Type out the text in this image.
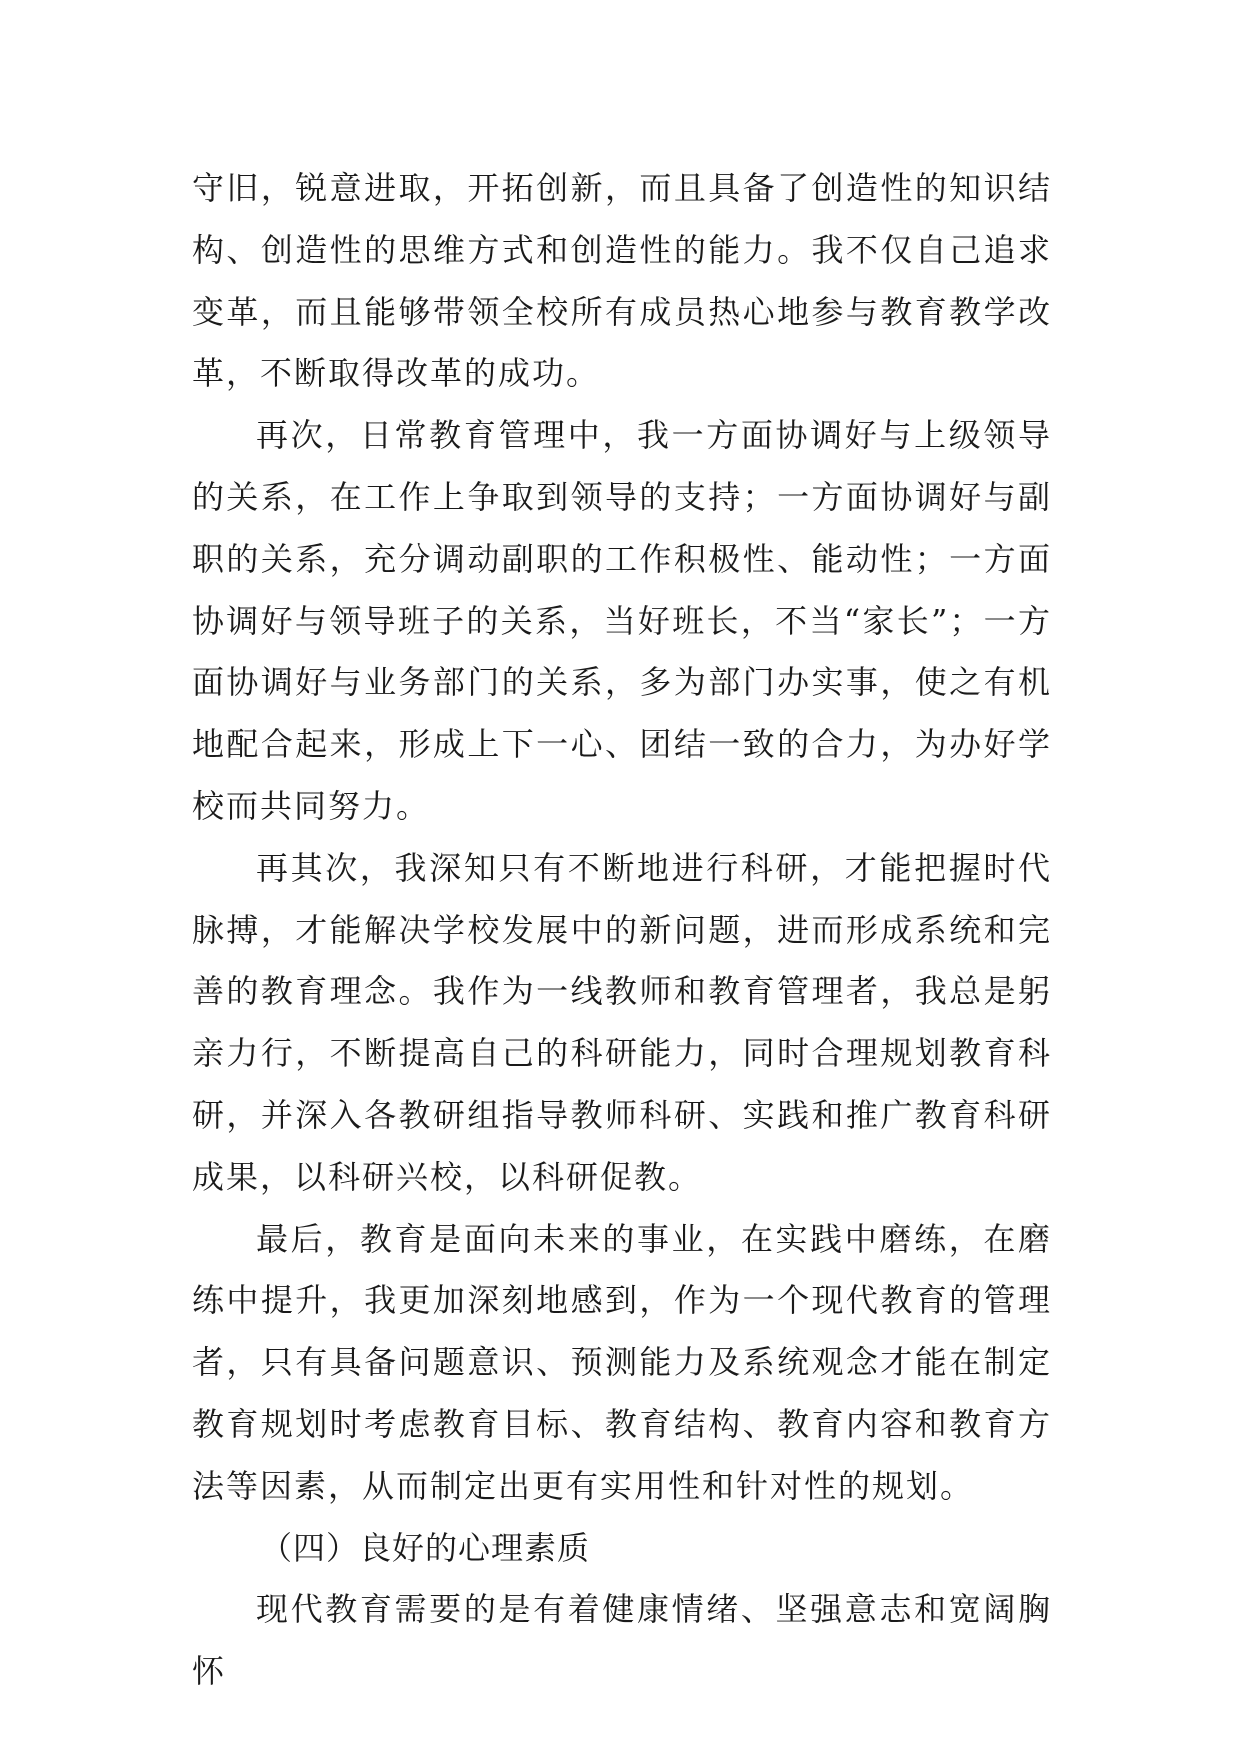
守旧，锐意进取，开拓创新，而且具备了创造性的知识结构、创造性的思维方式和创造性的能力。我不仅自己追求变革，而且能够带领全校所有成员热心地参与教育教学改革，不断取得改革的成功。

再次，日常教育管理中，我一方面协调好与上级领导的关系，在工作上争取到领导的支持；一方面协调好与副职的关系，充分调动副职的工作积极性、能动性；一方面协调好与领导班子的关系，当好班长，不当“家长”；一方面协调好与业务部门的关系，多为部门办实事，使之有机地配合起来，形成上下一心、团结一致的合力，为办好学校而共同努力。

再其次，我深知只有不断地进行科研，才能把握时代脉搏，才能解决学校发展中的新问题，进而形成系统和完善的教育理念。我作为一线教师和教育管理者，我总是躬亲力行，不断提高自己的科研能力，同时合理规划教育科研，并深入各教研组指导教师科研、实践和推广教育科研成果，以科研兴校，以科研促教。

最后，教育是面向未来的事业，在实践中磨练，在磨练中提升，我更加深刻地感到，作为一个现代教育的管理者，只有具备问题意识、预测能力及系统观念才能在制定教育规划时考虑教育目标、教育结构、教育内容和教育方法等因素，从而制定出更有实用性和针对性的规划。

（四）良好的心理素质

现代教育需要的是有着健康情绪、坚强意志和宽阔胸怀
